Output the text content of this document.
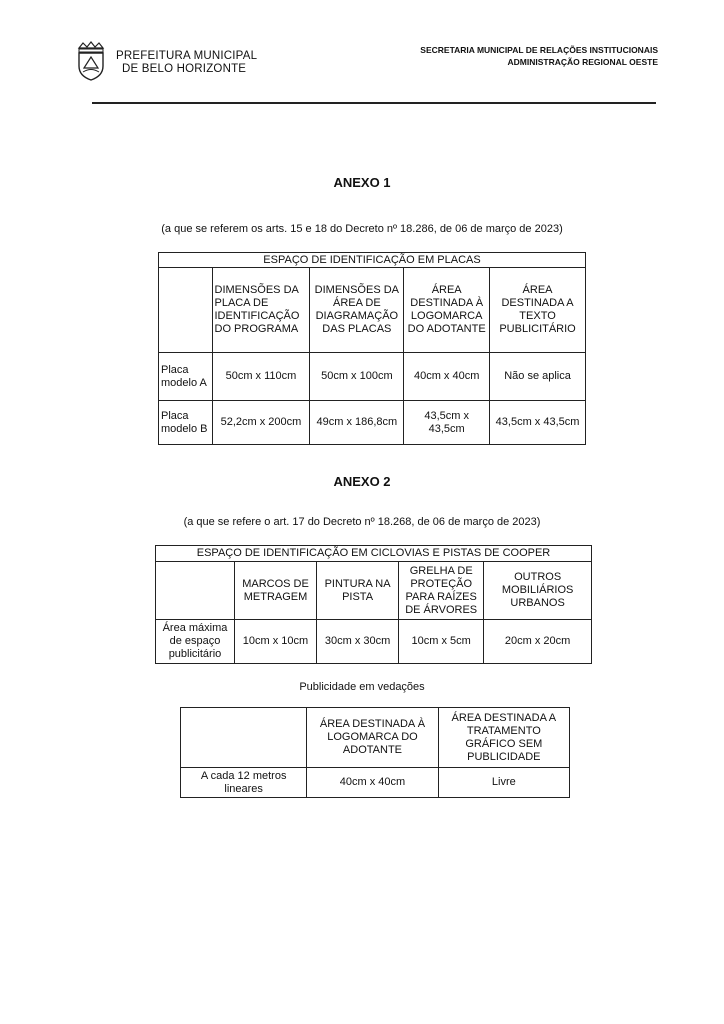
PREFEITURA MUNICIPAL
DE BELO HORIZONTE
SECRETARIA MUNICIPAL DE RELAÇÕES INSTITUCIONAIS
ADMINISTRAÇÃO REGIONAL OESTE
ANEXO 1
(a que se referem os arts. 15 e 18 do Decreto nº 18.286, de 06 de março de 2023)
ESPAÇO DE IDENTIFICAÇÃO EM PLACAS				
	DIMENSÕES DA PLACA DE IDENTIFICAÇÃO DO PROGRAMA	DIMENSÕES DA ÁREA DE DIAGRAMAÇÃO DAS PLACAS	ÁREA DESTINADA À LOGOMARCA DO ADOTANTE	ÁREA DESTINADA A TEXTO PUBLICITÁRIO
Placa modelo A	50cm x 110cm	50cm x 100cm	40cm x 40cm	Não se aplica
Placa modelo B	52,2cm x 200cm	49cm x 186,8cm	43,5cm x 43,5cm	43,5cm x 43,5cm
ANEXO 2
(a que se refere o art. 17 do Decreto nº 18.268, de 06 de março de 2023)
ESPAÇO DE IDENTIFICAÇÃO EM CICLOVIAS E PISTAS DE COOPER				
	MARCOS DE METRAGEM	PINTURA NA PISTA	GRELHA DE PROTEÇÃO PARA RAÍZES DE ÁRVORES	OUTROS MOBILIÁRIOS URBANOS
Área máxima de espaço publicitário	10cm x 10cm	30cm x 30cm	10cm x 5cm	20cm x 20cm
Publicidade em vedações
	ÁREA DESTINADA À LOGOMARCA DO ADOTANTE	ÁREA DESTINADA A TRATAMENTO GRÁFICO SEM PUBLICIDADE
A cada 12 metros lineares	40cm x 40cm	Livre
